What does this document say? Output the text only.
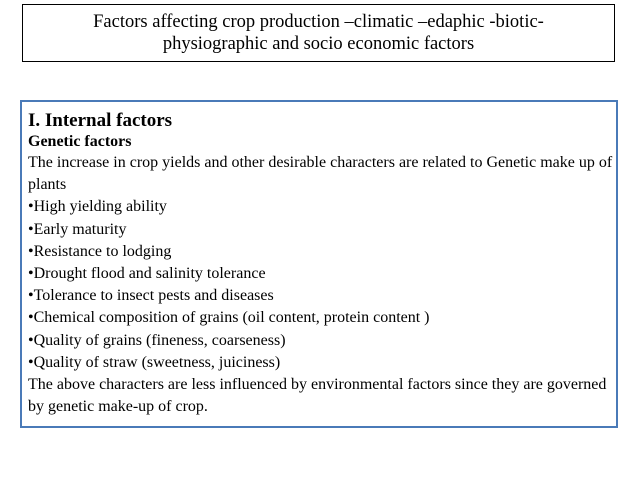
Factors affecting crop production –climatic –edaphic -biotic-physiographic and socio economic factors

I. Internal factors

Genetic factors

The increase in crop yields and other desirable characters are related to Genetic make up of plants

•High yielding ability
•Early maturity
•Resistance to lodging
•Drought flood and salinity tolerance
•Tolerance to insect pests and diseases
•Chemical composition of grains (oil content, protein content )
•Quality of grains (fineness, coarseness)
•Quality of straw (sweetness, juiciness)

The above characters are less influenced by environmental factors since they are governed by genetic make-up of crop.
